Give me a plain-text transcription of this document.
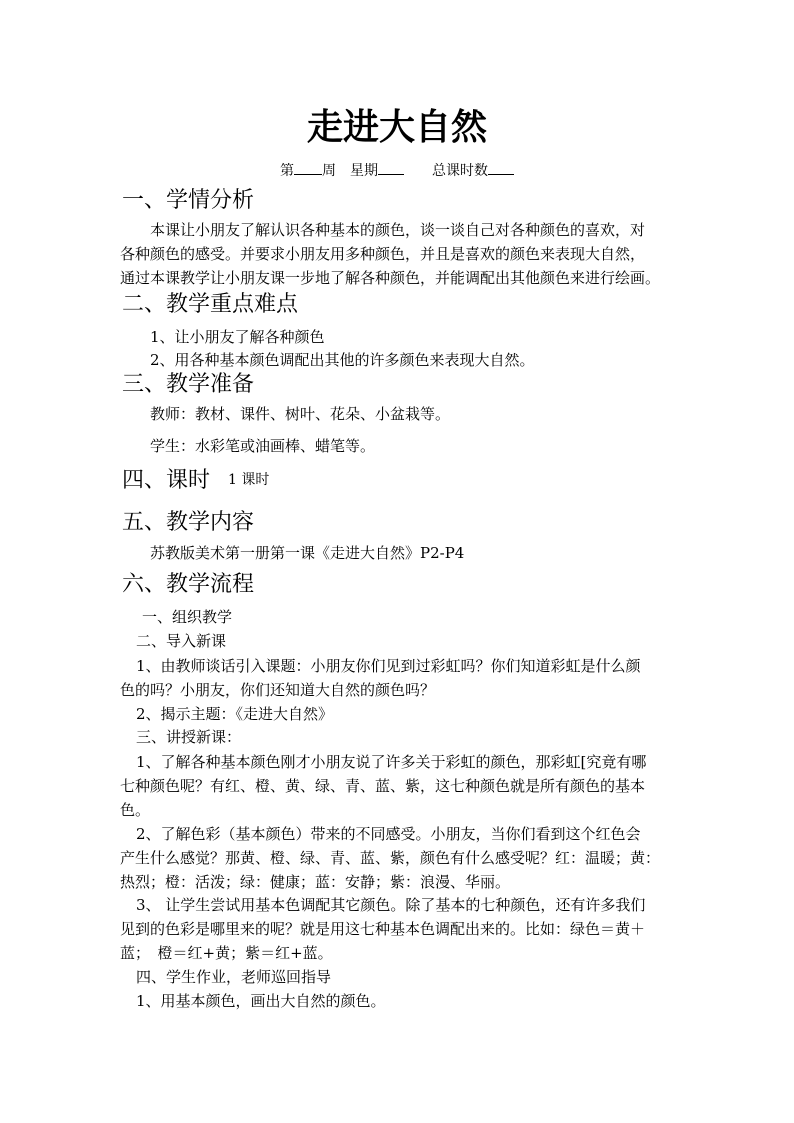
走进大自然
第 周 星期	总课时数
一、学情分析
本课让小朋友了解认识各种基本的颜色，谈一谈自己对各种颜色的喜欢，对
各种颜色的感受。并要求小朋友用多种颜色，并且是喜欢的颜色来表现大自然，
通过本课教学让小朋友课一步地了解各种颜色，并能调配出其他颜色来进行绘画。
二、教学重点难点
1、让小朋友了解各种颜色
2、用各种基本颜色调配出其他的许多颜色来表现大自然。
三、教学准备
教师：教材、课件、树叶、花朵、小盆栽等。
学生：水彩笔或油画棒、蜡笔等。
四、课时 1 课时
五、教学内容
苏教版美术第一册第一课《走进大自然》P2-P4
六、教学流程
一、组织教学
二、导入新课
1、由教师谈话引入课题：小朋友你们见到过彩虹吗？你们知道彩虹是什么颜
色的吗？小朋友，你们还知道大自然的颜色吗？
2、揭示主题：《走进大自然》
三、讲授新课：
1、了解各种基本颜色刚才小朋友说了许多关于彩虹的颜色，那彩虹[究竟有哪
七种颜色呢？有红、橙、黄、绿、青、蓝、紫，这七种颜色就是所有颜色的基本
色。
2、了解色彩（基本颜色）带来的不同感受。小朋友，当你们看到这个红色会
产生什么感觉？那黄、橙、绿、青、蓝、紫，颜色有什么感受呢？红：温暖；黄：
热烈；橙：活泼；绿：健康；蓝：安静；紫：浪漫、华丽。
3、 让学生尝试用基本色调配其它颜色。除了基本的七种颜色，还有许多我们
见到的色彩是哪里来的呢？就是用这七种基本色调配出来的。比如：绿色＝黄＋
蓝；　橙＝红+黄；紫＝红+蓝。
四、学生作业，老师巡回指导
1、用基本颜色，画出大自然的颜色。
